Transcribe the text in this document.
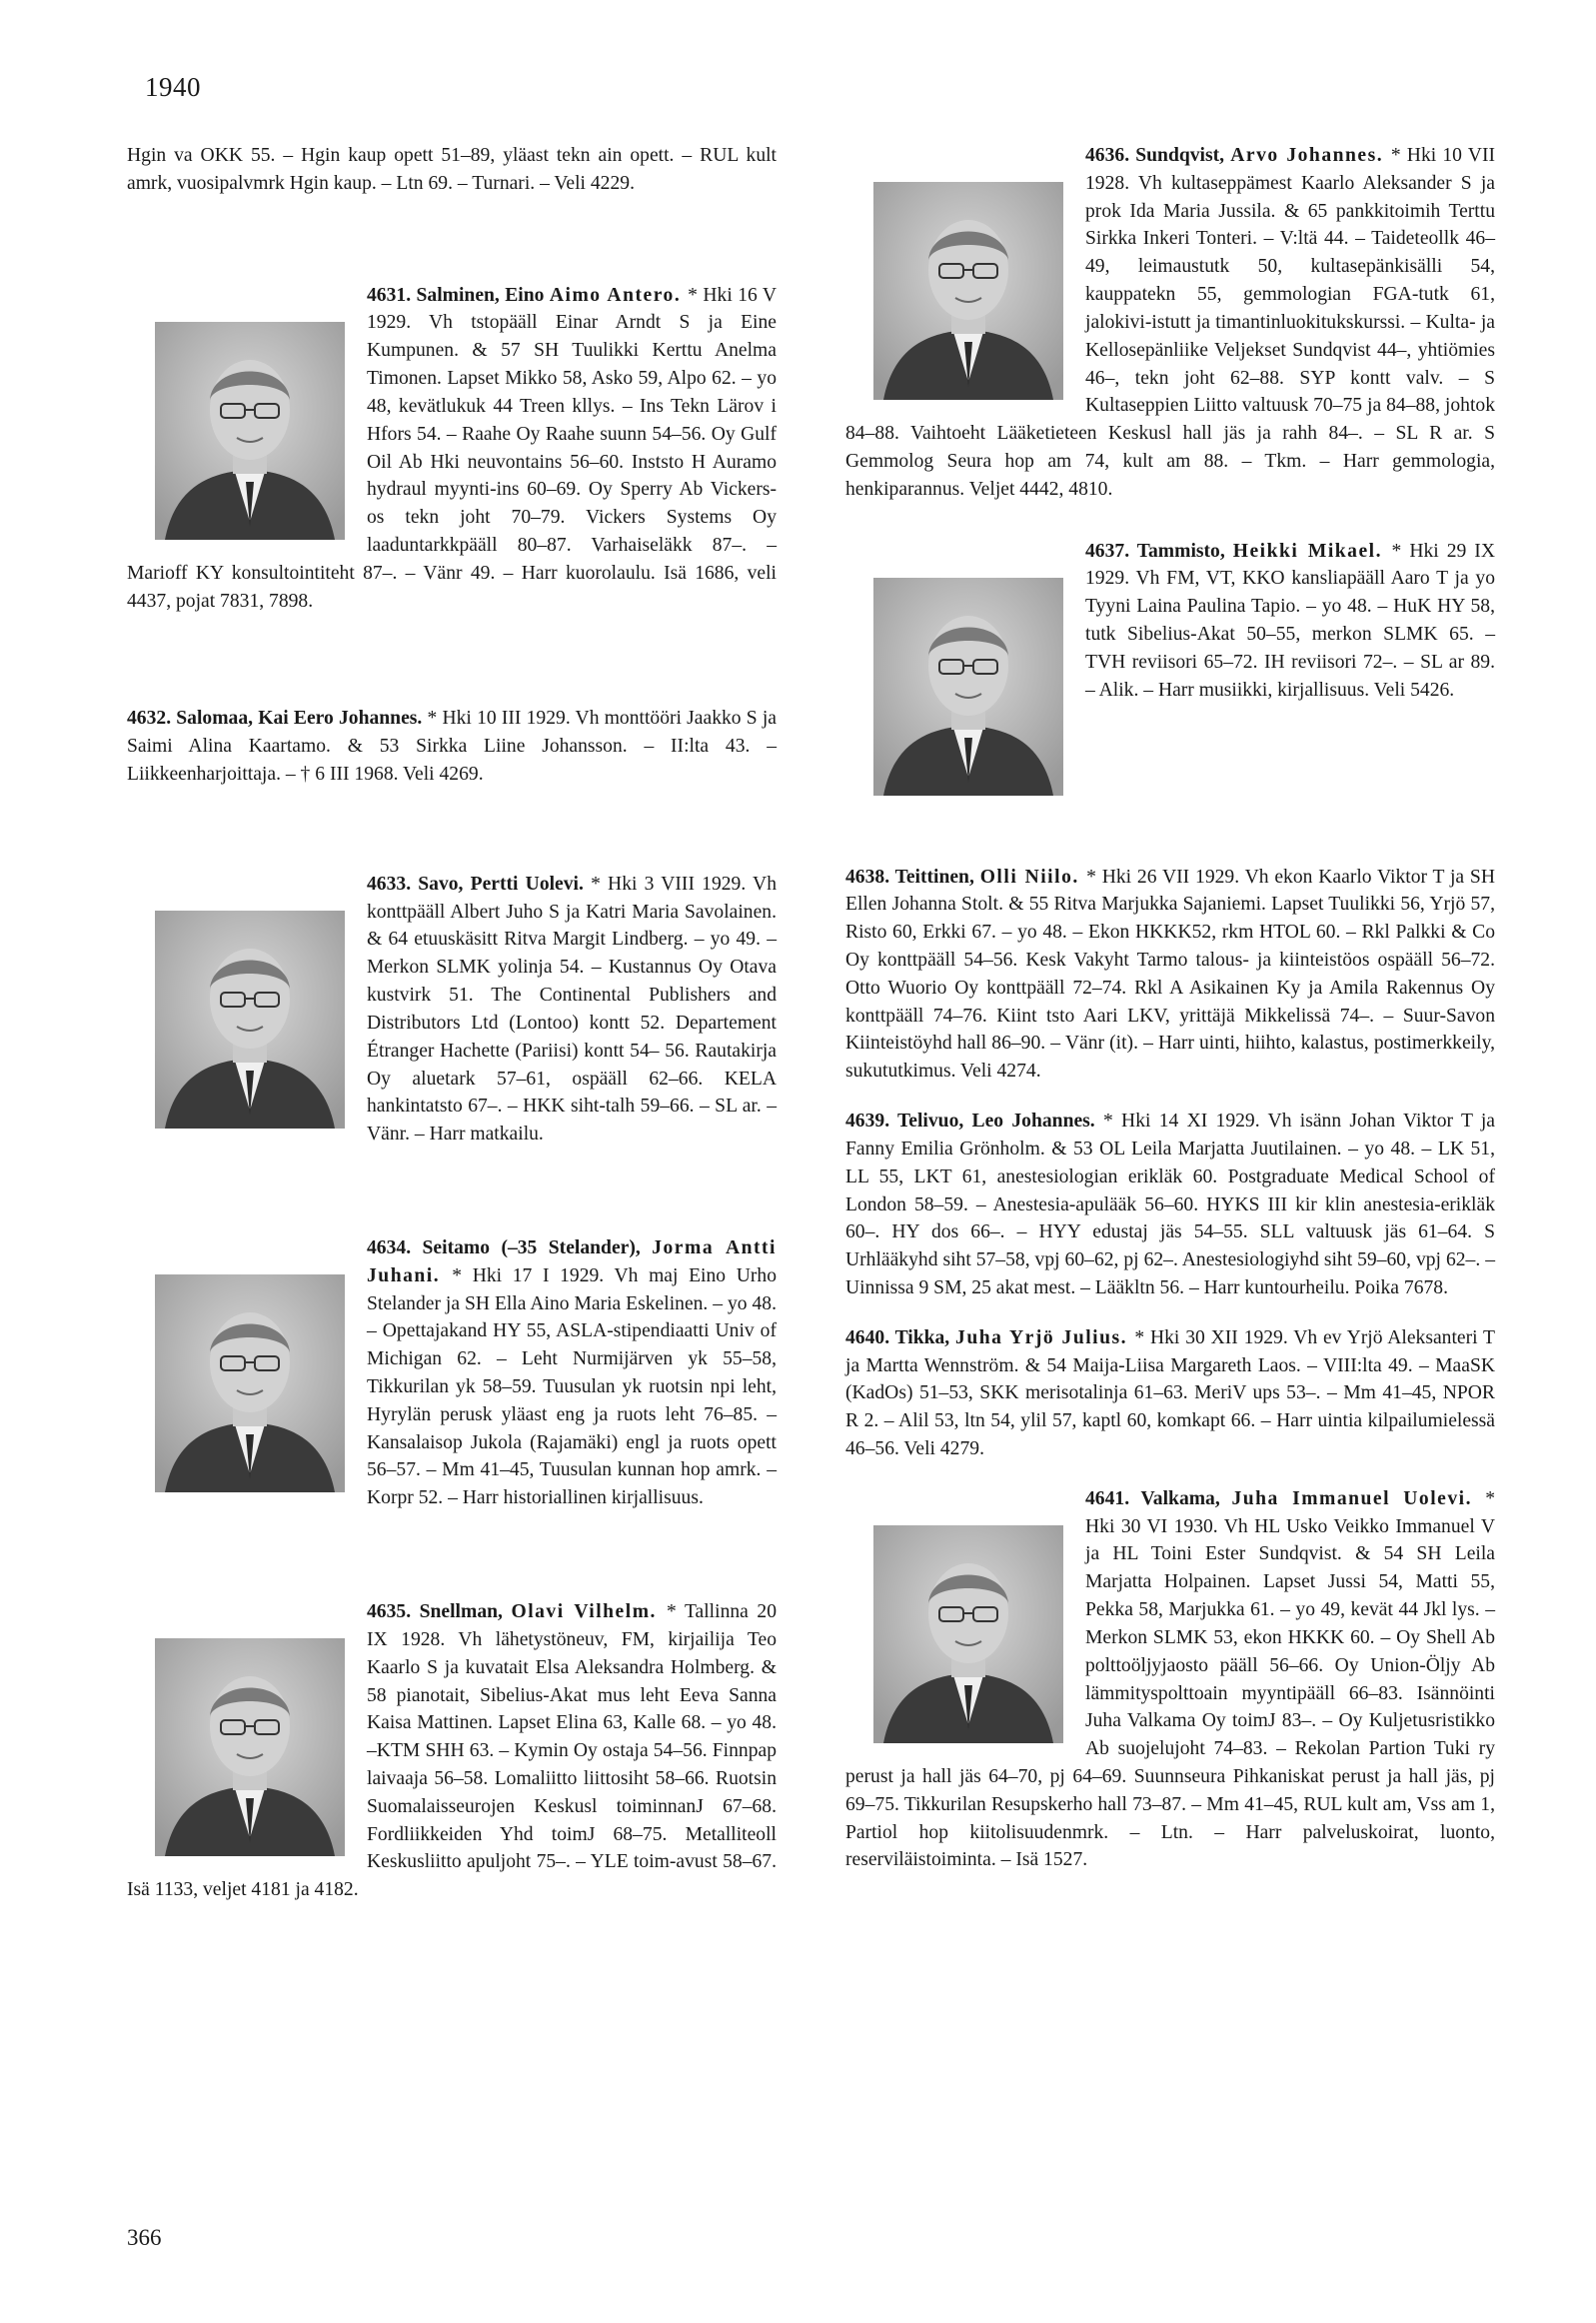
1940

Hgin va OKK 55. – Hgin kaup opett 51–89, yläast tekn ain opett. – RUL kult amrk, vuosipalvmrk Hgin kaup. – Ltn 69. – Turnari. – Veli 4229.

4631. Salminen, Eino Aimo Antero. * Hki 16 V 1929. Vh tstopääll Einar Arndt S ja Eine Kumpunen. & 57 SH Tuulikki Kerttu Anelma Timonen. Lapset Mikko 58, Asko 59, Alpo 62. – yo 48, kevätlukuk 44 Treen kllys. – Ins Tekn Lärov i Hfors 54. – Raahe Oy Raahe suunn 54–56. Oy Gulf Oil Ab Hki neuvontains 56–60. Inststo H Auramo hydraul myynti-ins 60–69. Oy Sperry Ab Vickers-os tekn joht 70–79. Vickers Systems Oy laaduntarkkpääll 80–87. Varhaiseläkk 87–. – Marioff KY konsultointiteht 87–. – Vänr 49. – Harr kuorolaulu. Isä 1686, veli 4437, pojat 7831, 7898.

4632. Salomaa, Kai Eero Johannes. * Hki 10 III 1929. Vh monttööri Jaakko S ja Saimi Alina Kaartamo. & 53 Sirkka Liine Johansson. – II:lta 43. – Liikkeenharjoittaja. – † 6 III 1968. Veli 4269.

4633. Savo, Pertti Uolevi. * Hki 3 VIII 1929. Vh konttpääll Albert Juho S ja Katri Maria Savolainen. & 64 etuuskäsitt Ritva Margit Lindberg. – yo 49. – Merkon SLMK yolinja 54. – Kustannus Oy Otava kustvirk 51. The Continental Publishers and Distributors Ltd (Lontoo) kontt 52. Departement Étranger Hachette (Pariisi) kontt 54– 56. Rautakirja Oy aluetark 57–61, ospääll 62–66. KELA hankintatsto 67–. – HKK siht-talh 59–66. – SL ar. – Vänr. – Harr matkailu.

4634. Seitamo (–35 Stelander), Jorma Antti Juhani. * Hki 17 I 1929. Vh maj Eino Urho Stelander ja SH Ella Aino Maria Eskelinen. – yo 48. – Opettajakand HY 55, ASLA-stipendiaatti Univ of Michigan 62. – Leht Nurmijärven yk 55–58, Tikkurilan yk 58–59. Tuusulan yk ruotsin npi leht, Hyrylän perusk yläast eng ja ruots leht 76–85. – Kansalaisop Jukola (Rajamäki) engl ja ruots opett 56–57. – Mm 41–45, Tuusulan kunnan hop amrk. – Korpr 52. – Harr historiallinen kirjallisuus.

4635. Snellman, Olavi Vilhelm. * Tallinna 20 IX 1928. Vh lähetystöneuv, FM, kirjailija Teo Kaarlo S ja kuvatait Elsa Aleksandra Holmberg. & 58 pianotait, Sibelius-Akat mus leht Eeva Sanna Kaisa Mattinen. Lapset Elina 63, Kalle 68. – yo 48. –KTM SHH 63. – Kymin Oy ostaja 54–56. Finnpap laivaaja 56–58. Lomaliitto liittosiht 58–66. Ruotsin Suomalaisseurojen Keskusl toiminnanJ 67–68. Fordliikkeiden Yhd toimJ 68–75. Metalliteoll Keskusliitto apuljoht 75–. – YLE toim-avust 58–67. Isä 1133, veljet 4181 ja 4182.

4636. Sundqvist, Arvo Johannes. * Hki 10 VII 1928. Vh kultaseppämest Kaarlo Aleksander S ja prok Ida Maria Jussila. & 65 pankkitoimih Terttu Sirkka Inkeri Tonteri. – V:ltä 44. – Taideteollk 46–49, leimaustutk 50, kultasepänkisälli 54, kauppatekn 55, gemmologian FGA-tutk 61, jalokivi-istutt ja timantinluokitukskurssi. – Kulta- ja Kellosepänliike Veljekset Sundqvist 44–, yhtiömies 46–, tekn joht 62–88. SYP kontt valv. – S Kultaseppien Liitto valtuusk 70–75 ja 84–88, johtok 84–88. Vaihtoeht Lääketieteen Keskusl hall jäs ja rahh 84–. – SL R ar. S Gemmolog Seura hop am 74, kult am 88. – Tkm. – Harr gemmologia, henkiparannus. Veljet 4442, 4810.

4637. Tammisto, Heikki Mikael. * Hki 29 IX 1929. Vh FM, VT, KKO kansliapääll Aaro T ja yo Tyyni Laina Paulina Tapio. – yo 48. – HuK HY 58, tutk Sibelius-Akat 50–55, merkon SLMK 65. – TVH reviisori 65–72. IH reviisori 72–. – SL ar 89. – Alik. – Harr musiikki, kirjallisuus. Veli 5426.

4638. Teittinen, Olli Niilo. * Hki 26 VII 1929. Vh ekon Kaarlo Viktor T ja SH Ellen Johanna Stolt. & 55 Ritva Marjukka Sajaniemi. Lapset Tuulikki 56, Yrjö 57, Risto 60, Erkki 67. – yo 48. – Ekon HKKK52, rkm HTOL 60. – Rkl Palkki & Co Oy konttpääll 54–56. Kesk Vakyht Tarmo talous- ja kiinteistöos ospääll 56–72. Otto Wuorio Oy konttpääll 72–74. Rkl A Asikainen Ky ja Amila Rakennus Oy konttpääll 74–76. Kiint tsto Aari LKV, yrittäjä Mikkelissä 74–. – Suur-Savon Kiinteistöyhd hall 86–90. – Vänr (it). – Harr uinti, hiihto, kalastus, postimerkkeily, sukututkimus. Veli 4274.

4639. Telivuo, Leo Johannes. * Hki 14 XI 1929. Vh isänn Johan Viktor T ja Fanny Emilia Grönholm. & 53 OL Leila Marjatta Juutilainen. – yo 48. – LK 51, LL 55, LKT 61, anestesiologian erikläk 60. Postgraduate Medical School of London 58–59. – Anestesia-apulääk 56–60. HYKS III kir klin anestesia-erikläk 60–. HY dos 66–. – HYY edustaj jäs 54–55. SLL valtuusk jäs 61–64. S Urhlääkyhd siht 57–58, vpj 60–62, pj 62–. Anestesiologiyhd siht 59–60, vpj 62–. – Uinnissa 9 SM, 25 akat mest. – Lääkltn 56. – Harr kuntourheilu. Poika 7678.

4640. Tikka, Juha Yrjö Julius. * Hki 30 XII 1929. Vh ev Yrjö Aleksanteri T ja Martta Wennström. & 54 Maija-Liisa Margareth Laos. – VIII:lta 49. – MaaSK (KadOs) 51–53, SKK merisotalinja 61–63. MeriV ups 53–. – Mm 41–45, NPOR R 2. – Alil 53, ltn 54, ylil 57, kaptl 60, komkapt 66. – Harr uintia kilpailumielessä 46–56. Veli 4279.

4641. Valkama, Juha Immanuel Uolevi. * Hki 30 VI 1930. Vh HL Usko Veikko Immanuel V ja HL Toini Ester Sundqvist. & 54 SH Leila Marjatta Holpainen. Lapset Jussi 54, Matti 55, Pekka 58, Marjukka 61. – yo 49, kevät 44 Jkl lys. – Merkon SLMK 53, ekon HKKK 60. – Oy Shell Ab polttoöljyjaosto pääll 56–66. Oy Union-Öljy Ab lämmityspolttoain myyntipääll 66–83. Isännöinti Juha Valkama Oy toimJ 83–. – Oy Kuljetusristikko Ab suojelujoht 74–83. – Rekolan Partion Tuki ry perust ja hall jäs 64–70, pj 64–69. Suunnseura Pihkaniskat perust ja hall jäs, pj 69–75. Tikkurilan Resupskerho hall 73–87. – Mm 41–45, RUL kult am, Vss am 1, Partiol hop kiitolisuudenmrk. – Ltn. – Harr palveluskoirat, luonto, reserviläistoiminta. – Isä 1527.

366
